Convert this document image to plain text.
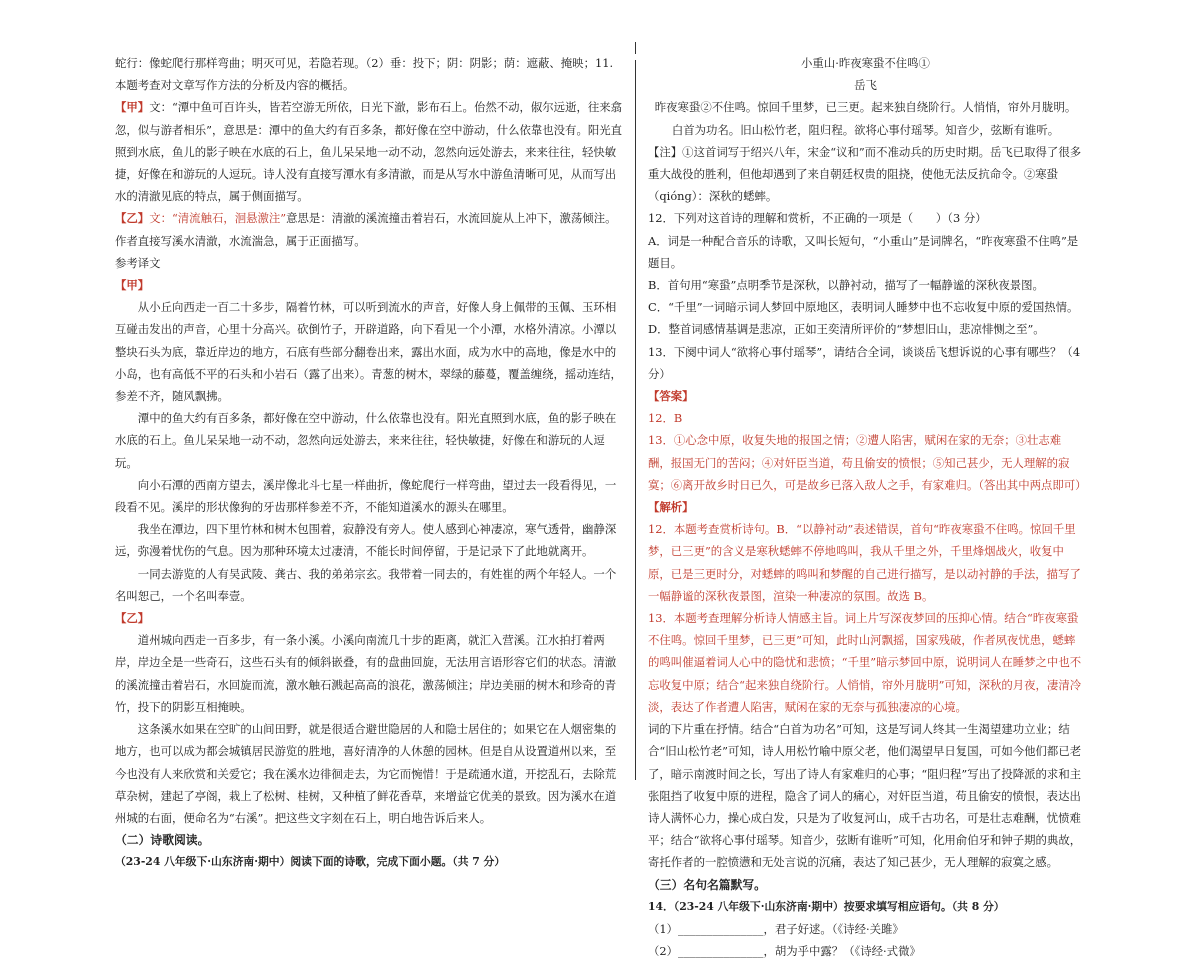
蛇行：像蛇爬行那样弯曲；明灭可见，若隐若现。（2）垂：投下；阴：阴影；荫：遮蔽、掩映；11. 本题考查对文章写作方法的分析及内容的概括。

【甲】文：“潭中鱼可百许头，皆若空游无所依，日光下澈，影布石上。佁然不动，俶尔远逝，往来翕忽，似与游者相乐”，意思是：潭中的鱼大约有百多条，都好像在空中游动，什么依靠也没有。阳光直照到水底，鱼儿的影子映在水底的石上，鱼儿呆呆地一动不动，忽然向远处游去，来来往往，轻快敏捷，好像在和游玩的人逗玩。诗人没有直接写潭水有多清澈，而是从写水中游鱼清晰可见，从而写出水的清澈见底的特点，属于侧面描写。

【乙】文：“清流触石，洄悬激注”意思是：清澈的溪流撞击着岩石，水流回旋从上冲下，激荡倾注。作者直接写溪水清澈，水流湍急，属于正面描写。

参考译文

【甲】

从小丘向西走一百二十多步，隔着竹林，可以听到流水的声音，好像人身上佩带的玉佩、玉环相互碰击发出的声音，心里十分高兴。砍倒竹子，开辟道路，向下看见一个小潭，水格外清凉。小潭以整块石头为底，靠近岸边的地方，石底有些部分翻卷出来，露出水面，成为水中的高地，像是水中的小岛，也有高低不平的石头和小岩石（露了出来）。青葱的树木，翠绿的藤蔓，覆盖缠绕，摇动连结，参差不齐，随风飘拂。

潭中的鱼大约有百多条，都好像在空中游动，什么依靠也没有。阳光直照到水底，鱼的影子映在水底的石上。鱼儿呆呆地一动不动，忽然向远处游去，来来往往，轻快敏捷，好像在和游玩的人逗玩。

向小石潭的西南方望去，溪岸像北斗七星一样曲折，像蛇爬行一样弯曲，望过去一段看得见，一段看不见。溪岸的形状像狗的牙齿那样参差不齐，不能知道溪水的源头在哪里。

我坐在潭边，四下里竹林和树木包围着，寂静没有旁人。使人感到心神凄凉，寒气透骨，幽静深远，弥漫着忧伤的气息。因为那种环境太过凄清，不能长时间停留，于是记录下了此地就离开。

一同去游览的人有吴武陵、龚古、我的弟弟宗玄。我带着一同去的，有姓崔的两个年轻人。一个名叫恕己，一个名叫奉壹。

【乙】

道州城向西走一百多步，有一条小溪。小溪向南流几十步的距离，就汇入营溪。江水拍打着两岸，岸边全是一些奇石，这些石头有的倾斜嵌叠，有的盘曲回旋，无法用言语形容它们的状态。清澈的溪流撞击着岩石，水回旋而流，激水触石溅起高高的浪花，激荡倾注；岸边美丽的树木和珍奇的青竹，投下的阴影互相掩映。

这条溪水如果在空旷的山间田野，就是很适合避世隐居的人和隐士居住的；如果它在人烟密集的地方，也可以成为都会城镇居民游览的胜地，喜好清净的人休憩的园林。但是自从设置道州以来，至今也没有人来欣赏和关爱它；我在溪水边徘徊走去，为它而惋惜！于是疏通水道，开挖乱石，去除荒草杂树，建起了亭阁，栽上了松树、桂树，又种植了鲜花香草，来增益它优美的景致。因为溪水在道州城的右面，便命名为“右溪”。把这些文字刻在石上，明白地告诉后来人。

（二）诗歌阅读。

（23-24 八年级下·山东济南·期中）阅读下面的诗歌，完成下面小题。（共 7 分）

小重山·昨夜寒蛩不住鸣①

岳飞

昨夜寒蛩②不住鸣。惊回千里梦，已三更。起来独自绕阶行。人悄悄，帘外月胧明。

白首为功名。旧山松竹老，阻归程。欲将心事付瑶琴。知音少，弦断有谁听。

【注】①这首词写于绍兴八年，宋金“议和”而不准动兵的历史时期。岳飞已取得了很多重大战役的胜利，但他却遇到了来自朝廷权贵的阻挠，使他无法反抗命令。②寒蛩（qióng）：深秋的蟋蟀。

12．下列对这首诗的理解和赏析，不正确的一项是（　　）（3 分）

A．词是一种配合音乐的诗歌，又叫长短句，“小重山”是词牌名，“昨夜寒蛩不住鸣”是题目。

B．首句用“寒蛩”点明季节是深秋，以静衬动，描写了一幅静谧的深秋夜景图。

C．“千里”一词暗示词人梦回中原地区，表明词人睡梦中也不忘收复中原的爱国热情。

D．整首词感情基调是悲凉，正如王奕清所评价的“梦想旧山，悲凉悱恻之至”。

13．下阕中词人“欲将心事付瑶琴”，请结合全词，谈谈岳飞想诉说的心事有哪些？（4 分）

【答案】

12．B

13．①心念中原，收复失地的报国之情；②遭人陷害，赋闲在家的无奈；③壮志难酬，报国无门的苦闷；④对奸臣当道，苟且偷安的愤恨；⑤知己甚少，无人理解的寂寞；⑥离开故乡时日已久，可是故乡已落入敌人之手，有家难归。（答出其中两点即可）

【解析】

12．本题考查赏析诗句。B．“以静衬动”表述错误，首句“昨夜寒蛩不住鸣。惊回千里梦，已三更”的含义是寒秋蟋蟀不停地鸣叫，我从千里之外，千里烽烟战火，收复中原，已是三更时分，对蟋蟀的鸣叫和梦醒的自己进行描写，是以动衬静的手法，描写了一幅静谧的深秋夜景图，渲染一种凄凉的氛围。故选 B。

13．本题考查理解分析诗人情感主旨。词上片写深夜梦回的压抑心情。结合“昨夜寒蛩不住鸣。惊回千里梦，已三更”可知，此时山河飘摇，国家残破，作者夙夜忧患，蟋蟀的鸣叫催逼着词人心中的隐忧和悲愤；“千里”暗示梦回中原，说明词人在睡梦之中也不忘收复中原；结合“起来独自绕阶行。人悄悄，帘外月胧明”可知，深秋的月夜，凄清冷淡，表达了作者遭人陷害，赋闲在家的无奈与孤独凄凉的心境。

词的下片重在抒情。结合“白首为功名”可知，这是写词人终其一生渴望建功立业；结合“旧山松竹老”可知，诗人用松竹喻中原父老，他们渴望早日复国，可如今他们都已老了，暗示南渡时间之长，写出了诗人有家难归的心事；“阻归程”写出了投降派的求和主张阻挡了收复中原的进程，隐含了词人的痛心，对奸臣当道，苟且偷安的愤恨，表达出诗人满怀心力，操心成白发，只是为了收复河山，成千古功名，可是壮志难酬，忧愤难平；结合“欲将心事付瑶琴。知音少，弦断有谁听”可知，化用俞伯牙和钟子期的典故，寄托作者的一腔愤懑和无处言说的沉痛，表达了知己甚少，无人理解的寂寞之感。

（三）名句名篇默写。

14．（23-24 八年级下·山东济南·期中）按要求填写相应语句。（共 8 分）

（1）_______________，君子好逑。（《诗经·关雎》

（2）_______________，胡为乎中露？（《诗经·式微》
